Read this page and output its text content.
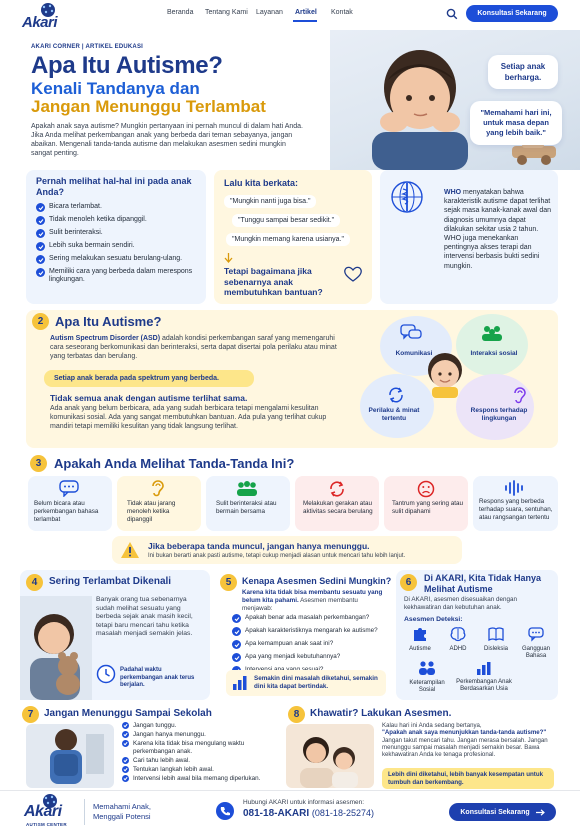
Akari
Beranda Tentang Kami Layanan Artikel Kontak	Konsultasi Sekarang
Setiap anak berharga.
"Memahami hari ini, untuk masa depan yang lebih baik."
AKARI CORNER | ARTIKEL EDUKASI
Apa Itu Autisme?
Kenali Tandanya dan
Jangan Menunggu Terlambat
Apakah anak saya autisme? Mungkin pertanyaan ini pernah muncul di dalam hati Anda. Jika Anda melihat perkembangan anak yang berbeda dari teman sebayanya, jangan abaikan. Mengenali tanda-tanda autisme dan melakukan asesmen sedini mungkin sangat penting.
Pernah melihat hal-hal ini pada anak Anda?
Bicara terlambat.
Tidak menoleh ketika dipanggil.
Sulit berinteraksi.
Lebih suka bermain sendiri.
Sering melakukan sesuatu berulang-ulang.
Memiliki cara yang berbeda dalam merespons lingkungan.
Lalu kita berkata:
"Mungkin nanti juga bisa."
"Tunggu sampai besar sedikit."
"Mungkin memang karena usianya."
Tetapi bagaimana jika sebenarnya anak membutuhkan bantuan?
WHO menyatakan bahwa karakteristik autisme dapat terlihat sejak masa kanak-kanak awal dan diagnosis umumnya dapat dilakukan sekitar usia 2 tahun. WHO juga menekankan pentingnya akses terapi dan intervensi berbasis bukti sedini mungkin.
2 Apa Itu Autisme?
Autism Spectrum Disorder (ASD) adalah kondisi perkembangan saraf yang memengaruhi cara seseorang berkomunikasi dan berinteraksi, serta dapat disertai pola perilaku atau minat yang terbatas dan berulang.
Setiap anak berada pada spektrum yang berbeda.
Tidak semua anak dengan autisme terlihat sama.
Ada anak yang belum berbicara, ada yang sudah berbicara tetapi mengalami kesulitan komunikasi sosial. Ada yang sangat membutuhkan bantuan. Ada pula yang terlihat cukup mandiri tetapi memiliki kesulitan yang tidak langsung terlihat.
Komunikasi	Interaksi sosial
Perilaku & minat tertentu
Respons terhadap lingkungan
3 Apakah Anda Melihat Tanda-Tanda Ini?
Belum bicara atau perkembangan bahasa terlambat
Tidak atau jarang menoleh ketika dipanggil
Sulit berinteraksi atau bermain bersama
Melakukan gerakan atau aktivitas secara berulang
Tantrum yang sering atau sulit dipahami
Respons yang berbeda terhadap suara, sentuhan, atau rangsangan tertentu
Jika beberapa tanda muncul, jangan hanya menunggu.
Ini bukan berarti anak pasti autisme, tetapi cukup menjadi alasan untuk mencari tahu lebih lanjut.
4	Sering Terlambat Dikenali
Banyak orang tua sebenarnya sudah melihat sesuatu yang berbeda sejak anak masih kecil, tetapi baru mencari tahu ketika masalah menjadi semakin jelas.
Padahal waktu perkembangan anak terus berjalan.
5	Kenapa Asesmen Sedini Mungkin?
Karena kita tidak bisa membantu sesuatu yang belum kita pahami. Asesmen membantu menjawab:
Apakah benar ada masalah perkembangan?
Apakah karakteristiknya mengarah ke autisme?
Apa kemampuan anak saat ini?
Apa yang menjadi kebutuhannya?
Semakin dini masalah diketahui, semakin dini kita dapat bertindak.
6	Di AKARI, Kita Tidak Hanya Melihat Autisme
Di AKARI, asesmen disesuaikan dengan kekhawatiran dan kebutuhan anak.
Asesmen Deteksi:
Autisme	ADHD	Disleksia	Gangguan Bahasa
Keterampilan Sosial
Perkembangan Anak Berdasarkan Usia
7	Jangan Menunggu Sampai Sekolah
Jangan tunggu.
Jangan hanya menunggu.
Karena kita tidak bisa mengulang waktu perkembangan anak.
Cari tahu lebih awal.
Tentukan langkah lebih awal.
Intervensi lebih awal bila memang diperlukan.
8	Khawatir? Lakukan Asesmen.
Kalau hari ini Anda sedang bertanya,
"Apakah anak saya menunjukkan tanda-tanda autisme?"
Jangan takut mencari tahu. Jangan merasa bersalah. Jangan menunggu sampai masalah menjadi semakin besar. Bawa kekhawatiran Anda ke tenaga profesional.
Lebih dini diketahui, lebih banyak kesempatan untuk tumbuh dan berkembang.
Akari
AUTISM CENTER
Memahami Anak,
Menggali Potensi
Hubungi AKARI untuk informasi asesmen:
081-18-AKARI (081-18-25274)	Konsultasi Sekarang
